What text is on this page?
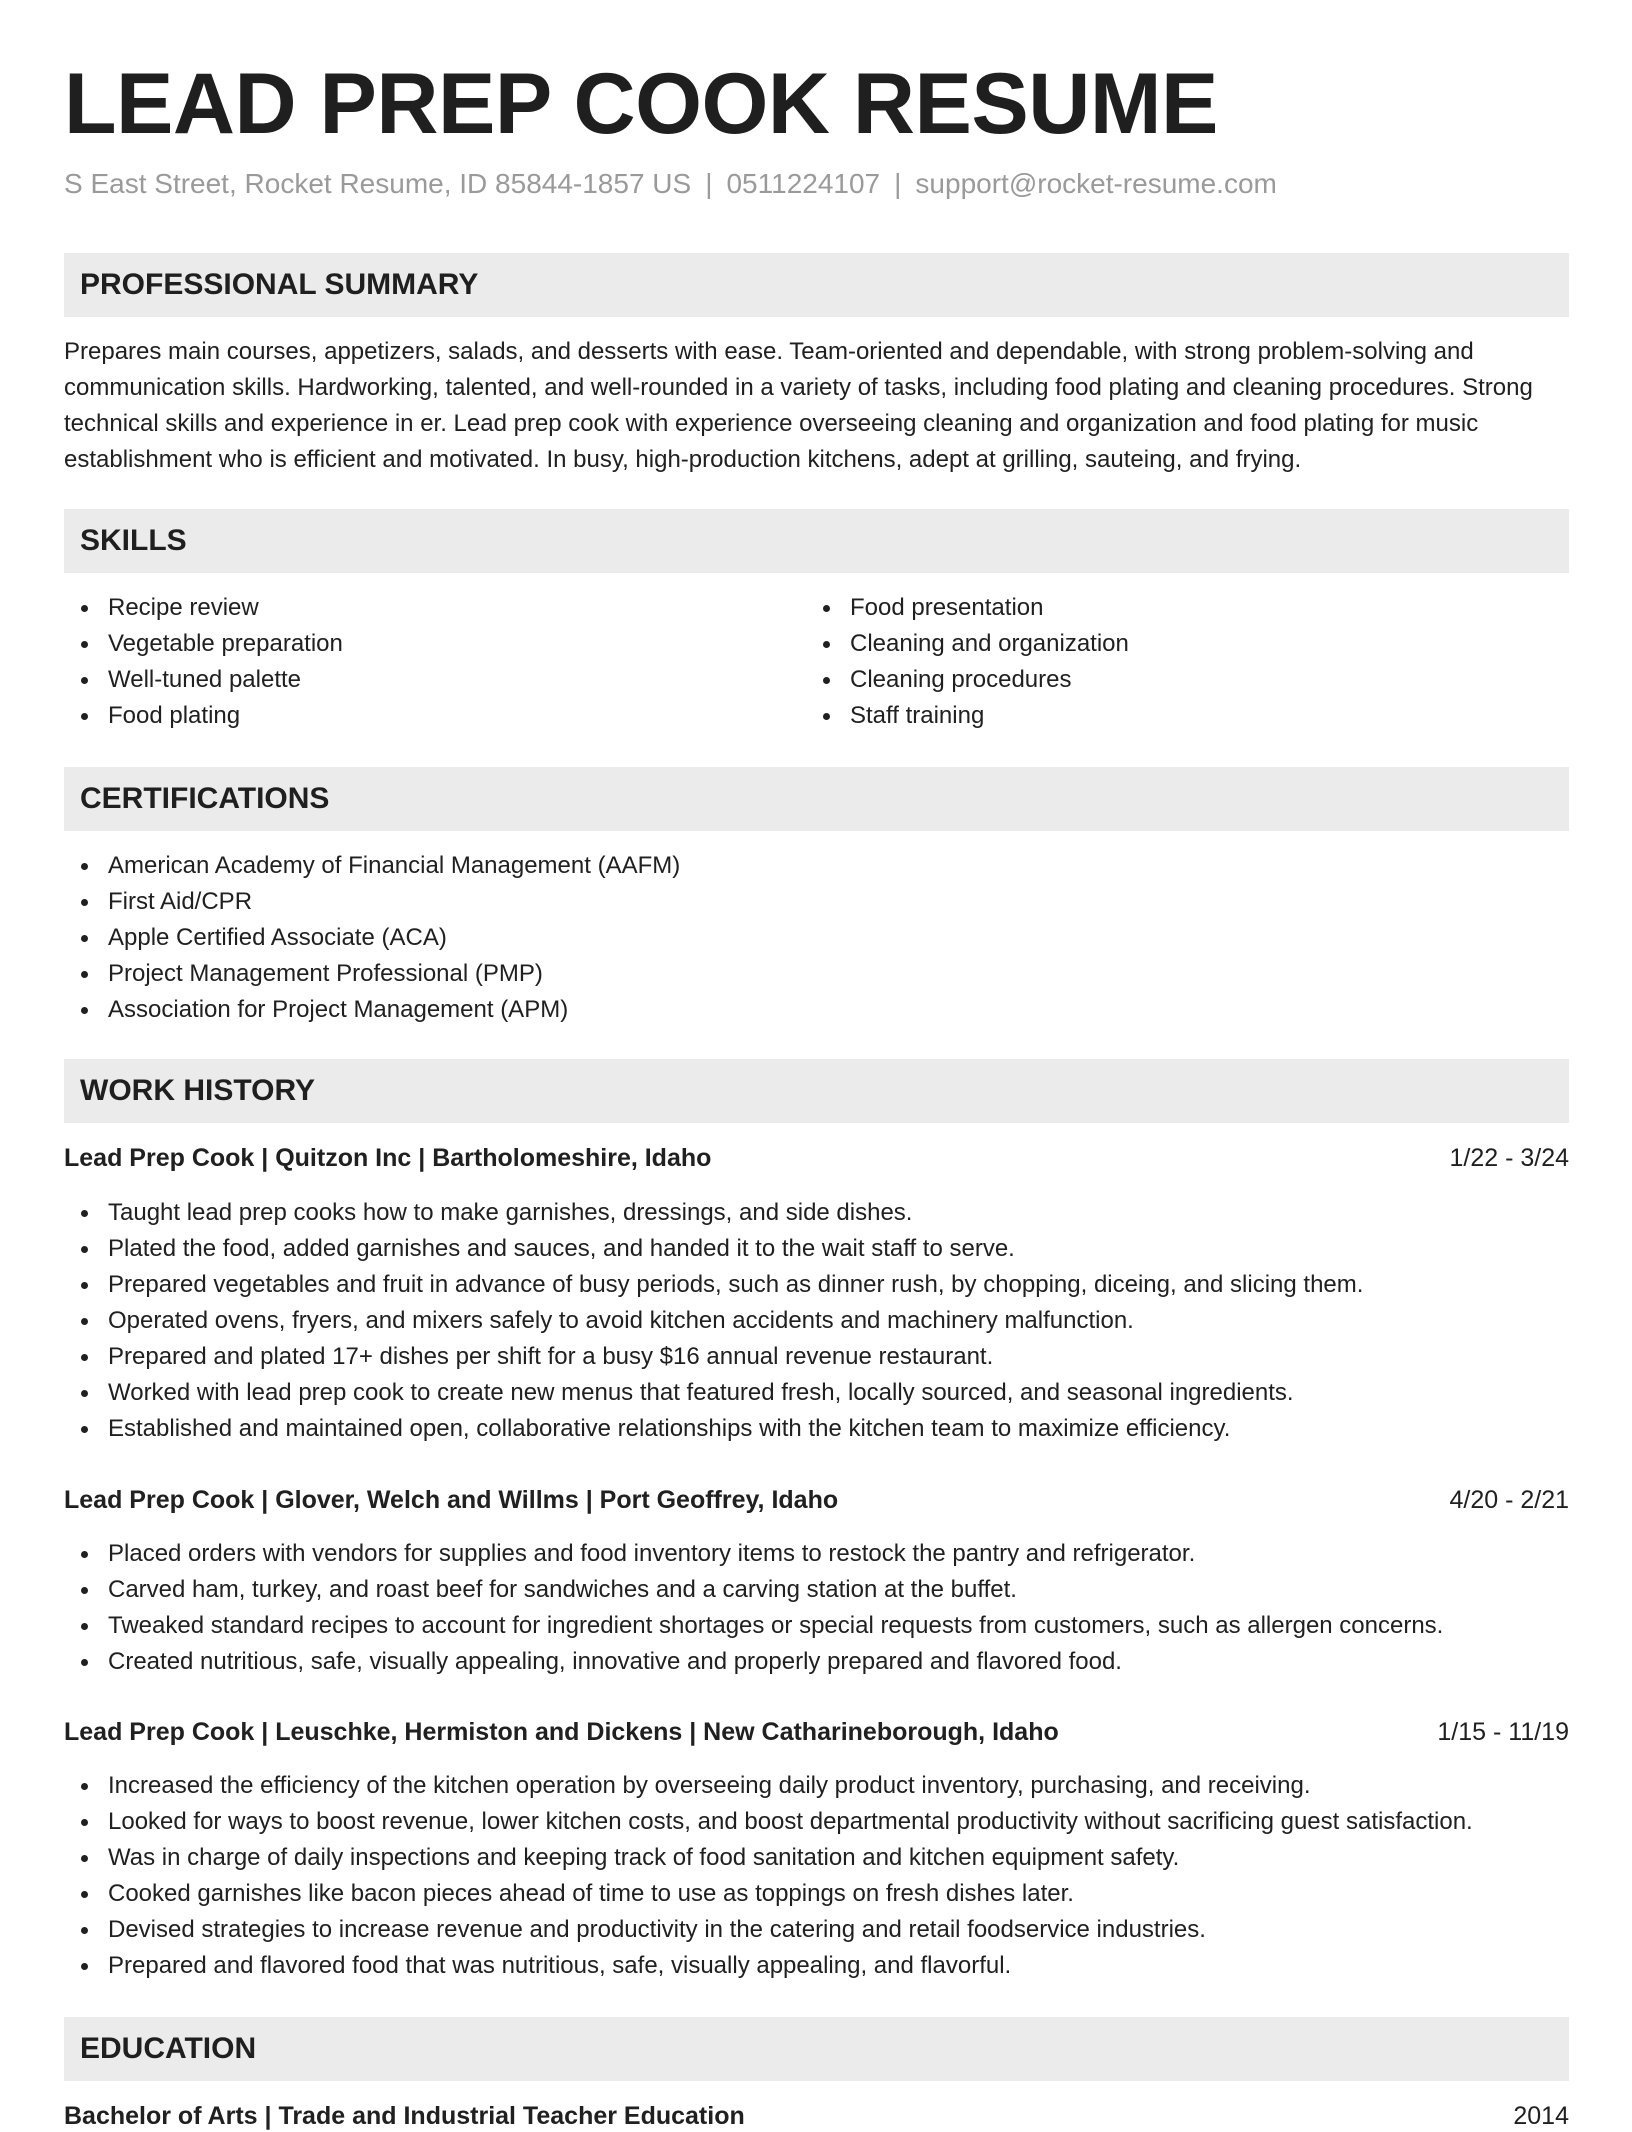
LEAD PREP COOK RESUME
S East Street, Rocket Resume, ID 85844-1857 US | 0511224107 | support@rocket-resume.com
PROFESSIONAL SUMMARY

Prepares main courses, appetizers, salads, and desserts with ease. Team-oriented and dependable, with strong problem-solving and communication skills. Hardworking, talented, and well-rounded in a variety of tasks, including food plating and cleaning procedures. Strong technical skills and experience in er. Lead prep cook with experience overseeing cleaning and organization and food plating for music establishment who is efficient and motivated. In busy, high-production kitchens, adept at grilling, sauteing, and frying.

SKILLS
Recipe review
Vegetable preparation
Well-tuned palette
Food plating
Food presentation
Cleaning and organization
Cleaning procedures
Staff training
CERTIFICATIONS
American Academy of Financial Management (AAFM)
First Aid/CPR
Apple Certified Associate (ACA)
Project Management Professional (PMP)
Association for Project Management (APM)
WORK HISTORY
Lead Prep Cook | Quitzon Inc | Bartholomeshire, Idaho	1/22 - 3/24
Taught lead prep cooks how to make garnishes, dressings, and side dishes.
Plated the food, added garnishes and sauces, and handed it to the wait staff to serve.
Prepared vegetables and fruit in advance of busy periods, such as dinner rush, by chopping, diceing, and slicing them.
Operated ovens, fryers, and mixers safely to avoid kitchen accidents and machinery malfunction.
Prepared and plated 17+ dishes per shift for a busy $16 annual revenue restaurant.
Worked with lead prep cook to create new menus that featured fresh, locally sourced, and seasonal ingredients.
Established and maintained open, collaborative relationships with the kitchen team to maximize efficiency.
Lead Prep Cook | Glover, Welch and Willms | Port Geoffrey, Idaho	4/20 - 2/21
Placed orders with vendors for supplies and food inventory items to restock the pantry and refrigerator.
Carved ham, turkey, and roast beef for sandwiches and a carving station at the buffet.
Tweaked standard recipes to account for ingredient shortages or special requests from customers, such as allergen concerns.
Created nutritious, safe, visually appealing, innovative and properly prepared and flavored food.
Lead Prep Cook | Leuschke, Hermiston and Dickens | New Catharineborough, Idaho	1/15 - 11/19
Increased the efficiency of the kitchen operation by overseeing daily product inventory, purchasing, and receiving.
Looked for ways to boost revenue, lower kitchen costs, and boost departmental productivity without sacrificing guest satisfaction.
Was in charge of daily inspections and keeping track of food sanitation and kitchen equipment safety.
Cooked garnishes like bacon pieces ahead of time to use as toppings on fresh dishes later.
Devised strategies to increase revenue and productivity in the catering and retail foodservice industries.
Prepared and flavored food that was nutritious, safe, visually appealing, and flavorful.
EDUCATION
Bachelor of Arts | Trade and Industrial Teacher Education	2014
